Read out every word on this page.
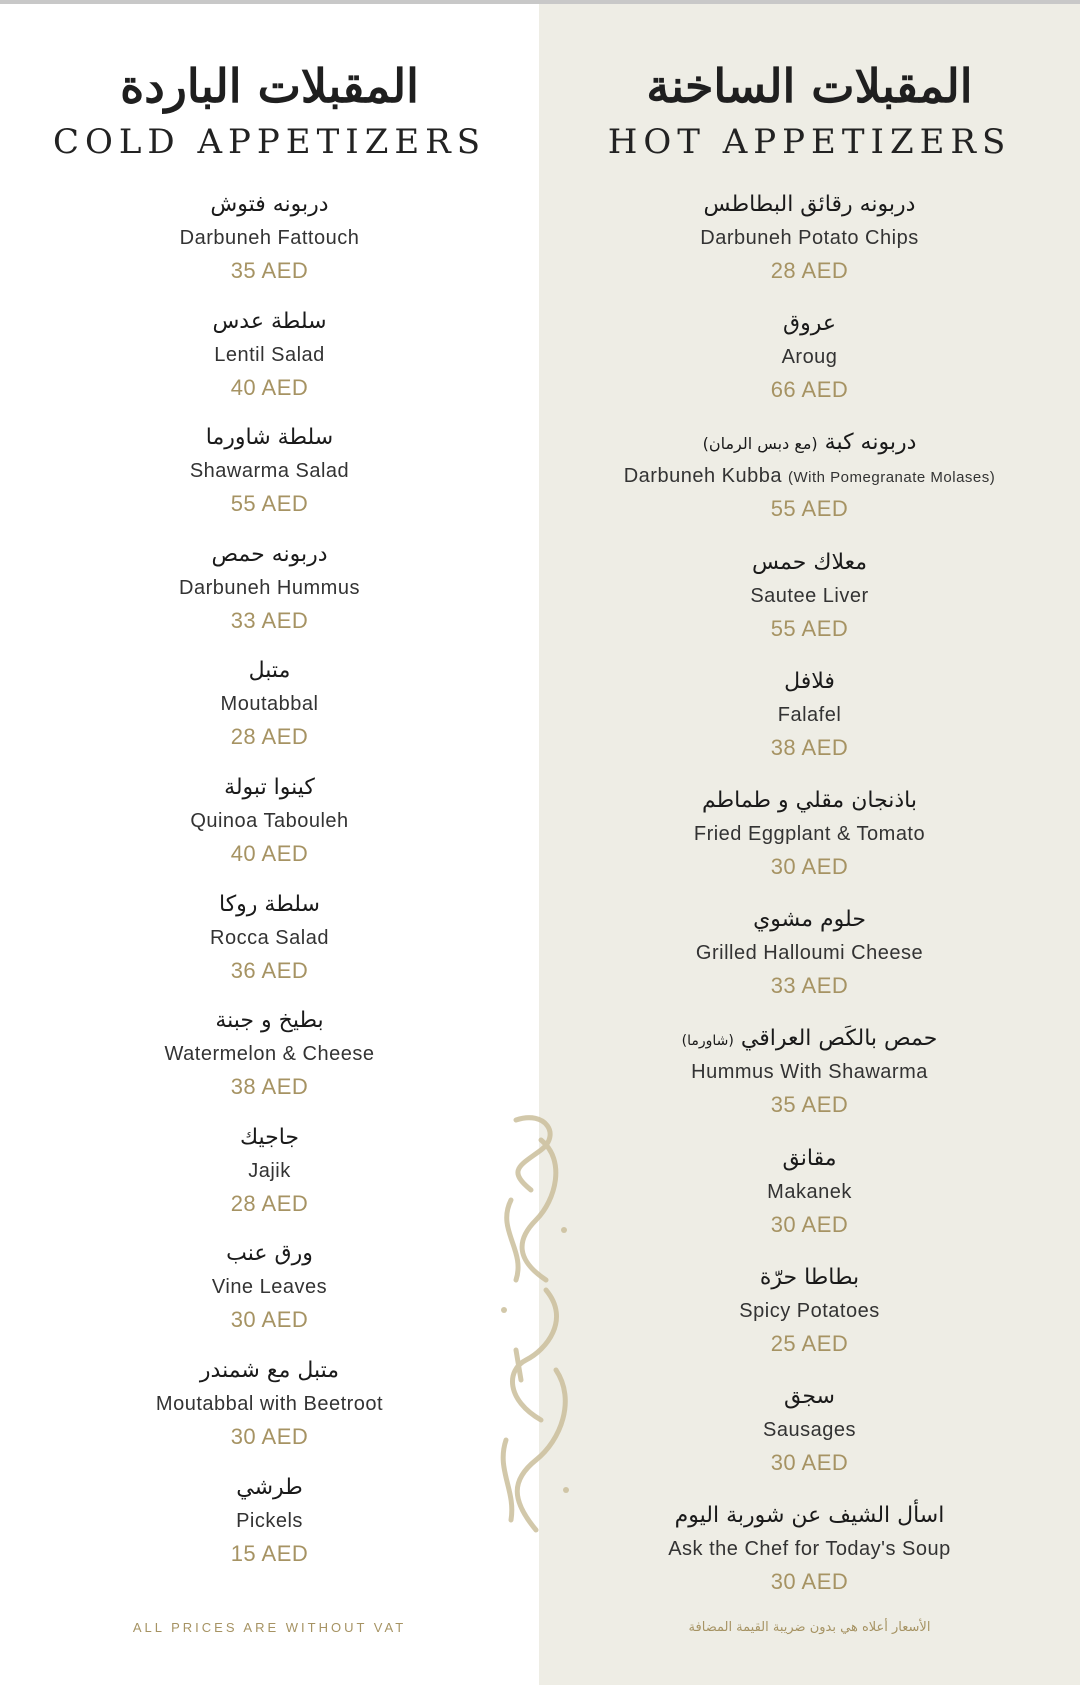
المقبلات الباردة
COLD APPETIZERS
دربونه فتوش
Darbuneh Fattouch
35 AED
سلطة عدس
Lentil Salad
40 AED
سلطة شاورما
Shawarma Salad
55 AED
دربونه حمص
Darbuneh Hummus
33 AED
متبل
Moutabbal
28 AED
كينوا تبولة
Quinoa Tabouleh
40 AED
سلطة روكا
Rocca Salad
36 AED
بطيخ و جبنة
Watermelon & Cheese
38 AED
جاجيك
Jajik
28 AED
ورق عنب
Vine Leaves
30 AED
متبل مع شمندر
Moutabbal with Beetroot
30 AED
طرشي
Pickels
15 AED
ALL PRICES ARE WITHOUT VAT
المقبلات الساخنة
HOT APPETIZERS
دربونه رقائق البطاطس
Darbuneh Potato Chips
28 AED
عروق
Aroug
66 AED
دربونه كبة (مع دبس الرمان)
Darbuneh Kubba (With Pomegranate Molases)
55 AED
معلاك حمس
Sautee Liver
55 AED
فلافل
Falafel
38 AED
باذنجان مقلي و طماطم
Fried Eggplant & Tomato
30 AED
حلوم مشوي
Grilled Halloumi Cheese
33 AED
حمص بالكَص العراقي (شاورما)
Hummus With Shawarma
35 AED
مقانق
Makanek
30 AED
بطاطا حرّة
Spicy Potatoes
25 AED
سجق
Sausages
30 AED
اسأل الشيف عن شوربة اليوم
Ask the Chef for Today's Soup
30 AED
الأسعار أعلاه هي بدون ضريبة القيمة المضافة
